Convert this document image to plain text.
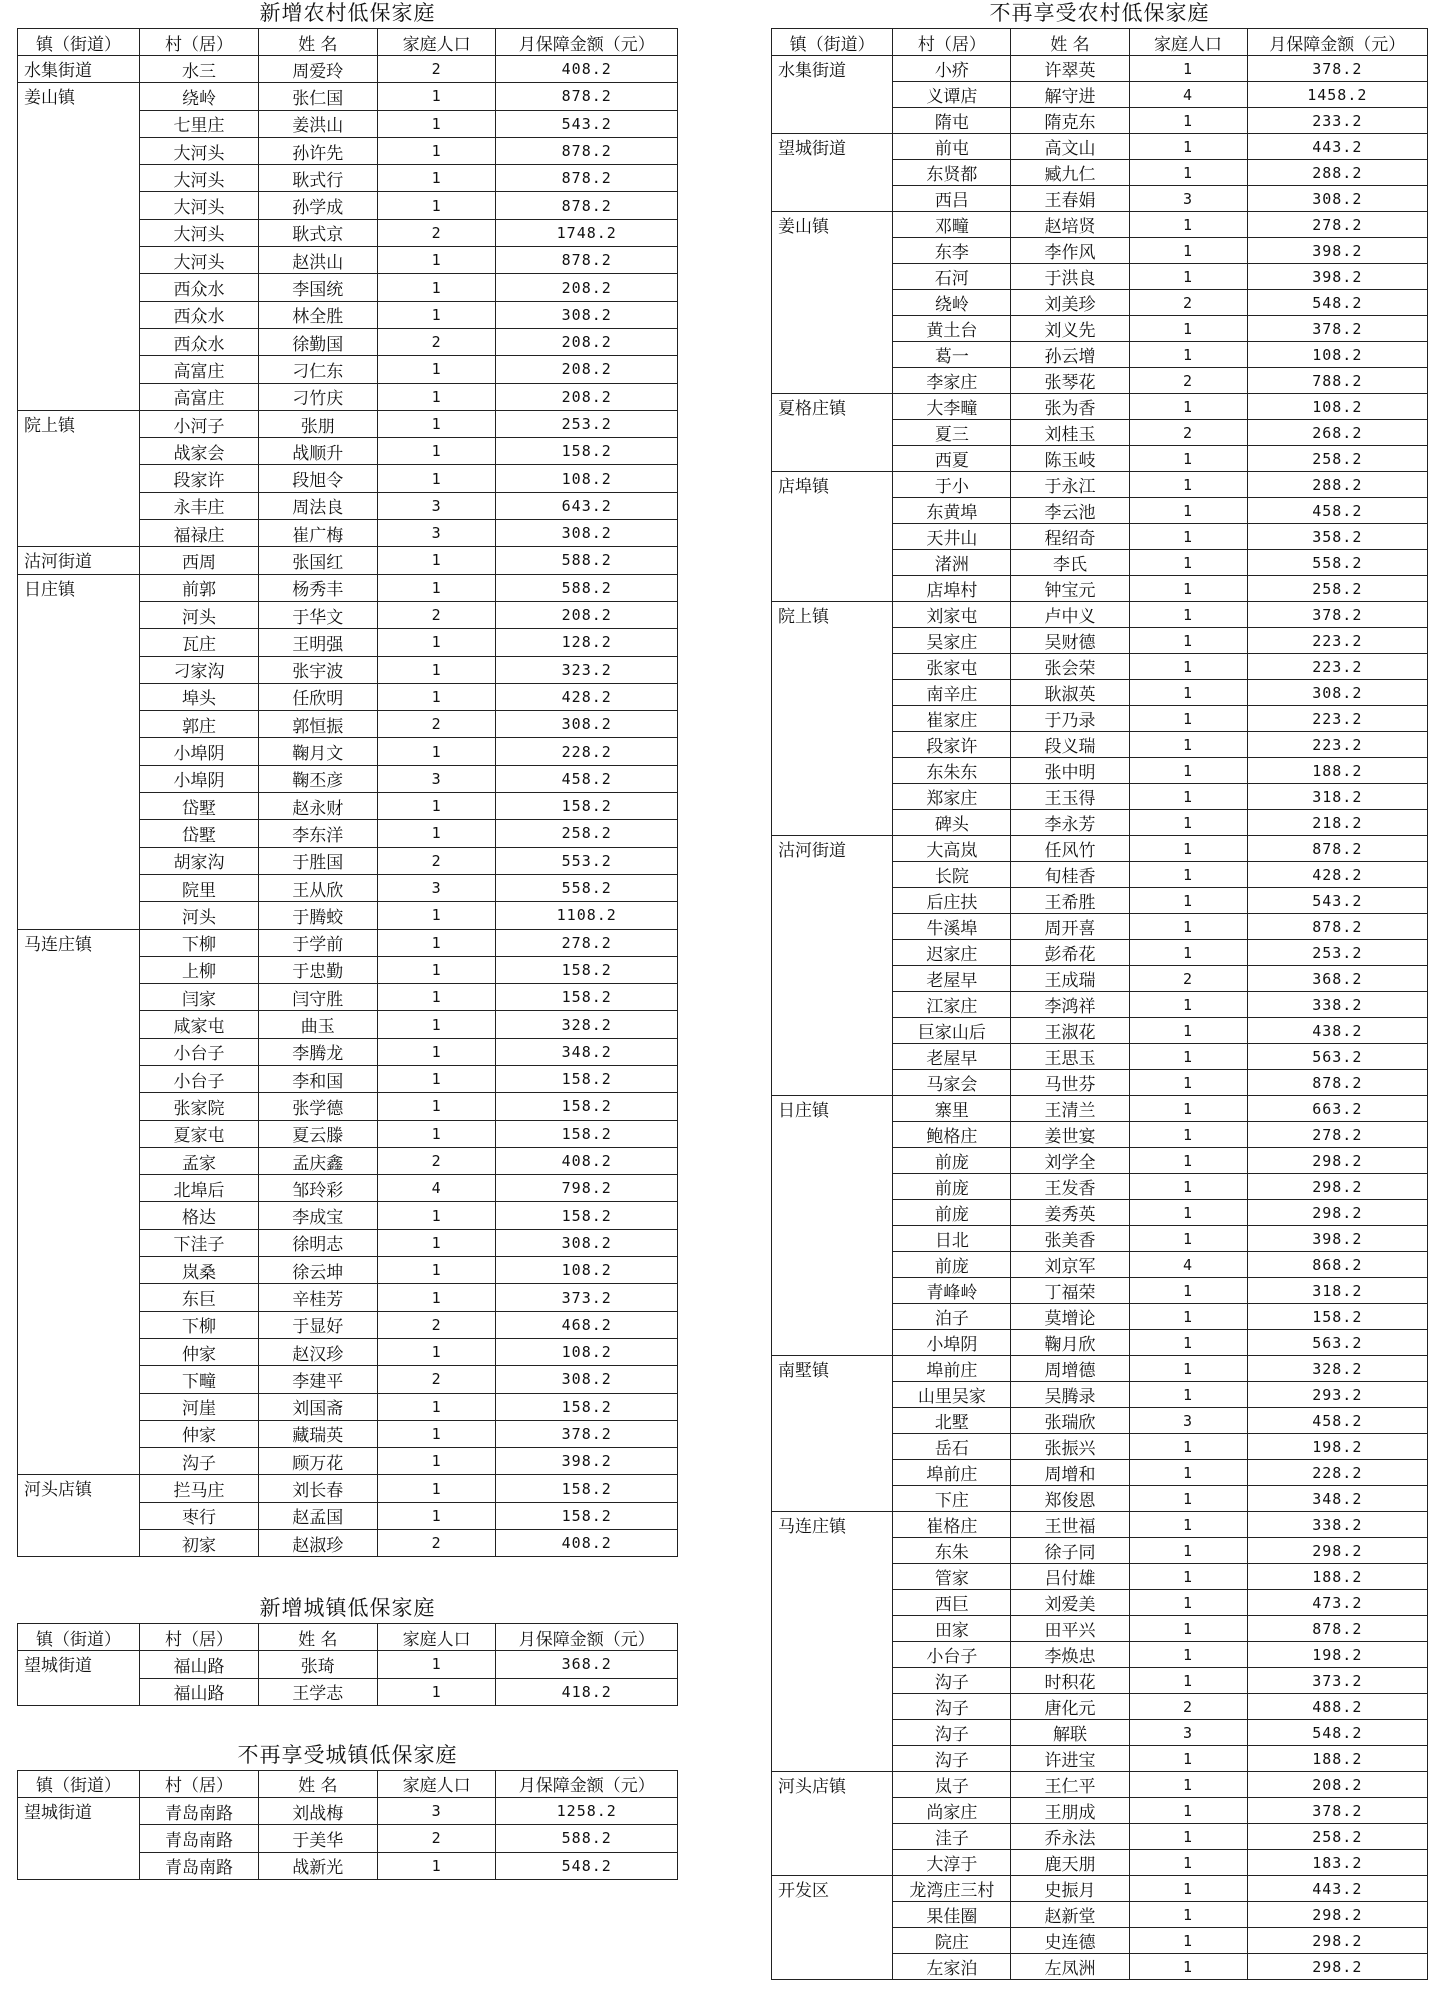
新增农村低保家庭
镇（街道）	村（居）	姓 名	家庭人口	月保障金额（元）
水集街道	水三	周爱玲	2	408.2
姜山镇	绕岭	张仁国	1	878.2
	七里庄	姜洪山	1	543.2
	大河头	孙许先	1	878.2
	大河头	耿式行	1	878.2
	大河头	孙学成	1	878.2
	大河头	耿式京	2	1748.2
	大河头	赵洪山	1	878.2
	西众水	李国统	1	208.2
	西众水	林全胜	1	308.2
	西众水	徐勤国	2	208.2
	高富庄	刁仁东	1	208.2
	高富庄	刁竹庆	1	208.2
院上镇	小河子	张朋	1	253.2
	战家会	战顺升	1	158.2
	段家许	段旭令	1	108.2
	永丰庄	周法良	3	643.2
	福禄庄	崔广梅	3	308.2
沽河街道	西周	张国红	1	588.2
日庄镇	前郭	杨秀丰	1	588.2
	河头	于华文	2	208.2
	瓦庄	王明强	1	128.2
	刁家沟	张宇波	1	323.2
	埠头	任欣明	1	428.2
	郭庄	郭恒振	2	308.2
	小埠阴	鞠月文	1	228.2
	小埠阴	鞠丕彦	3	458.2
	岱墅	赵永财	1	158.2
	岱墅	李东洋	1	258.2
	胡家沟	于胜国	2	553.2
	院里	王从欣	3	558.2
	河头	于腾蛟	1	1108.2
马连庄镇	下柳	于学前	1	278.2
	上柳	于忠勤	1	158.2
	闫家	闫守胜	1	158.2
	咸家屯	曲玉	1	328.2
	小台子	李腾龙	1	348.2
	小台子	李和国	1	158.2
	张家院	张学德	1	158.2
	夏家屯	夏云滕	1	158.2
	孟家	孟庆鑫	2	408.2
	北埠后	邹玲彩	4	798.2
	格达	李成宝	1	158.2
	下洼子	徐明志	1	308.2
	岚桑	徐云坤	1	108.2
	东巨	辛桂芳	1	373.2
	下柳	于显好	2	468.2
	仲家	赵汉珍	1	108.2
	下疃	李建平	2	308.2
	河崖	刘国斋	1	158.2
	仲家	藏瑞英	1	378.2
	沟子	顾万花	1	398.2
河头店镇	拦马庄	刘长春	1	158.2
	枣行	赵孟国	1	158.2
	初家	赵淑珍	2	408.2
新增城镇低保家庭
镇（街道）	村（居）	姓 名	家庭人口	月保障金额（元）
望城街道	福山路	张琦	1	368.2
	福山路	王学志	1	418.2
不再享受城镇低保家庭
镇（街道）	村（居）	姓 名	家庭人口	月保障金额（元）
望城街道	青岛南路	刘战梅	3	1258.2
	青岛南路	于美华	2	588.2
	青岛南路	战新光	1	548.2
不再享受农村低保家庭
镇（街道）	村（居）	姓 名	家庭人口	月保障金额（元）
水集街道	小疥	许翠英	1	378.2
	义谭店	解守进	4	1458.2
	隋屯	隋克东	1	233.2
望城街道	前屯	高文山	1	443.2
	东贤都	臧九仁	1	288.2
	西吕	王春娟	3	308.2
姜山镇	邓疃	赵培贤	1	278.2
	东李	李作风	1	398.2
	石河	于洪良	1	398.2
	绕岭	刘美珍	2	548.2
	黄土台	刘义先	1	378.2
	葛一	孙云增	1	108.2
	李家庄	张琴花	2	788.2
夏格庄镇	大李疃	张为香	1	108.2
	夏三	刘桂玉	2	268.2
	西夏	陈玉岐	1	258.2
店埠镇	于小	于永江	1	288.2
	东黄埠	李云池	1	458.2
	天井山	程绍奇	1	358.2
	渚洲	李氏	1	558.2
	店埠村	钟宝元	1	258.2
院上镇	刘家屯	卢中义	1	378.2
	吴家庄	吴财德	1	223.2
	张家屯	张会荣	1	223.2
	南辛庄	耿淑英	1	308.2
	崔家庄	于乃录	1	223.2
	段家许	段义瑞	1	223.2
	东朱东	张中明	1	188.2
	郑家庄	王玉得	1	318.2
	碑头	李永芳	1	218.2
沽河街道	大高岚	任风竹	1	878.2
	长院	旬桂香	1	428.2
	后庄扶	王希胜	1	543.2
	牛溪埠	周开喜	1	878.2
	迟家庄	彭希花	1	253.2
	老屋早	王成瑞	2	368.2
	江家庄	李鸿祥	1	338.2
	巨家山后	王淑花	1	438.2
	老屋早	王思玉	1	563.2
	马家会	马世芬	1	878.2
日庄镇	寨里	王清兰	1	663.2
	鲍格庄	姜世宴	1	278.2
	前庞	刘学全	1	298.2
	前庞	王发香	1	298.2
	前庞	姜秀英	1	298.2
	日北	张美香	1	398.2
	前庞	刘京军	4	868.2
	青峰岭	丁福荣	1	318.2
	泊子	莫增论	1	158.2
	小埠阴	鞠月欣	1	563.2
南墅镇	埠前庄	周增德	1	328.2
	山里吴家	吴腾录	1	293.2
	北墅	张瑞欣	3	458.2
	岳石	张振兴	1	198.2
	埠前庄	周增和	1	228.2
	下庄	郑俊恩	1	348.2
马连庄镇	崔格庄	王世福	1	338.2
	东朱	徐子同	1	298.2
	管家	吕付雄	1	188.2
	西巨	刘爱美	1	473.2
	田家	田平兴	1	878.2
	小台子	李焕忠	1	198.2
	沟子	时积花	1	373.2
	沟子	唐化元	2	488.2
	沟子	解联	3	548.2
	沟子	许进宝	1	188.2
河头店镇	岚子	王仁平	1	208.2
	尚家庄	王朋成	1	378.2
	洼子	乔永法	1	258.2
	大淳于	鹿天朋	1	183.2
开发区	龙湾庄三村	史振月	1	443.2
	果佳圈	赵新堂	1	298.2
	院庄	史连德	1	298.2
	左家泊	左凤洲	1	298.2
